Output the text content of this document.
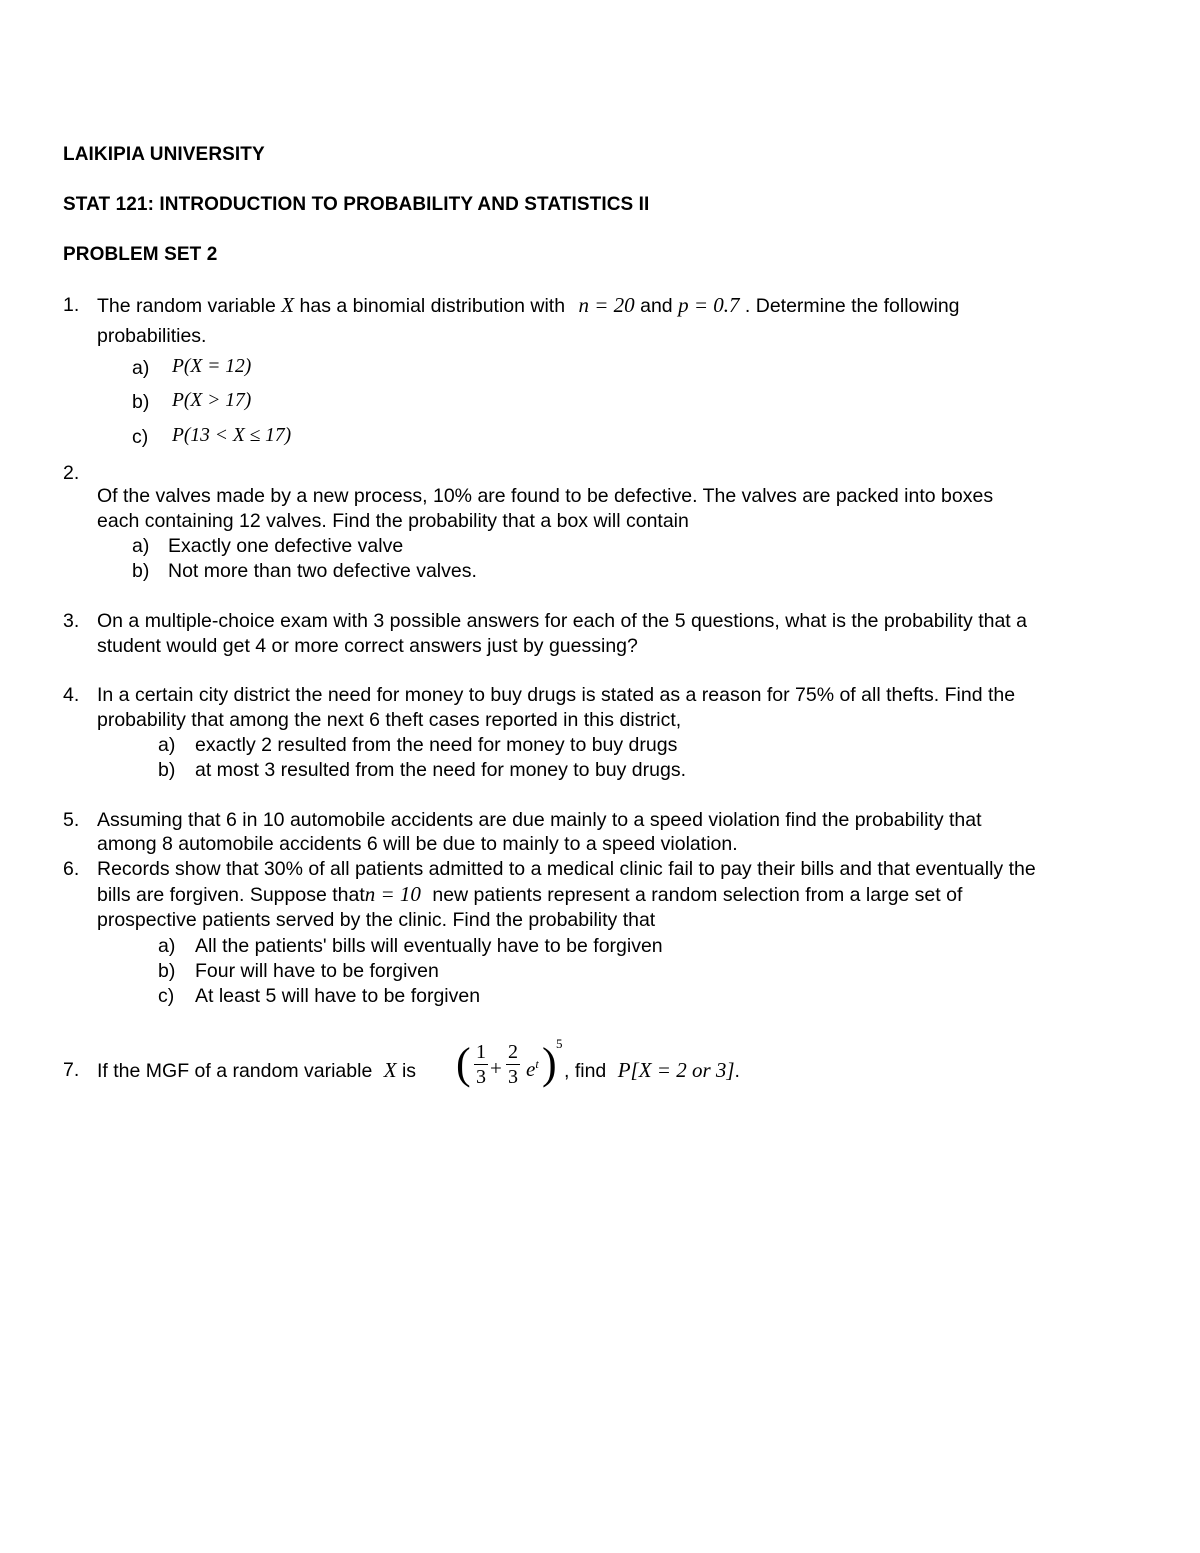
LAIKIPIA UNIVERSITY
STAT 121: INTRODUCTION TO PROBABILITY AND STATISTICS II
PROBLEM SET 2
1. The random variable X has a binomial distribution with n = 20 and p = 0.7 . Determine the following
probabilities.
a) P(X = 12)
b) P(X > 17)
c) P(13 < X ≤ 17)
2.
Of the valves made by a new process, 10% are found to be defective. The valves are packed into boxes
each containing 12 valves. Find the probability that a box will contain
a) Exactly one defective valve
b) Not more than two defective valves.
3. On a multiple-choice exam with 3 possible answers for each of the 5 questions, what is the probability that a
student would get 4 or more correct answers just by guessing?
4. In a certain city district the need for money to buy drugs is stated as a reason for 75% of all thefts. Find the
probability that among the next 6 theft cases reported in this district,
a) exactly 2 resulted from the need for money to buy drugs
b) at most 3 resulted from the need for money to buy drugs.
5. Assuming that 6 in 10 automobile accidents are due mainly to a speed violation find the probability that
among 8 automobile accidents 6 will be due to mainly to a speed violation.
6. Records show that 30% of all patients admitted to a medical clinic fail to pay their bills and that eventually the
bills are forgiven. Suppose thatn = 10 new patients represent a random selection from a large set of
prospective patients served by the clinic. Find the probability that
a) All the patients' bills will eventually have to be forgiven
b) Four will have to be forgiven
c) At least 5 will have to be forgiven
7. If the MGF of a random variable X is ( 1
3 +
2
3 $e^t$ ) 5
, find P[X = 2 or 3].
